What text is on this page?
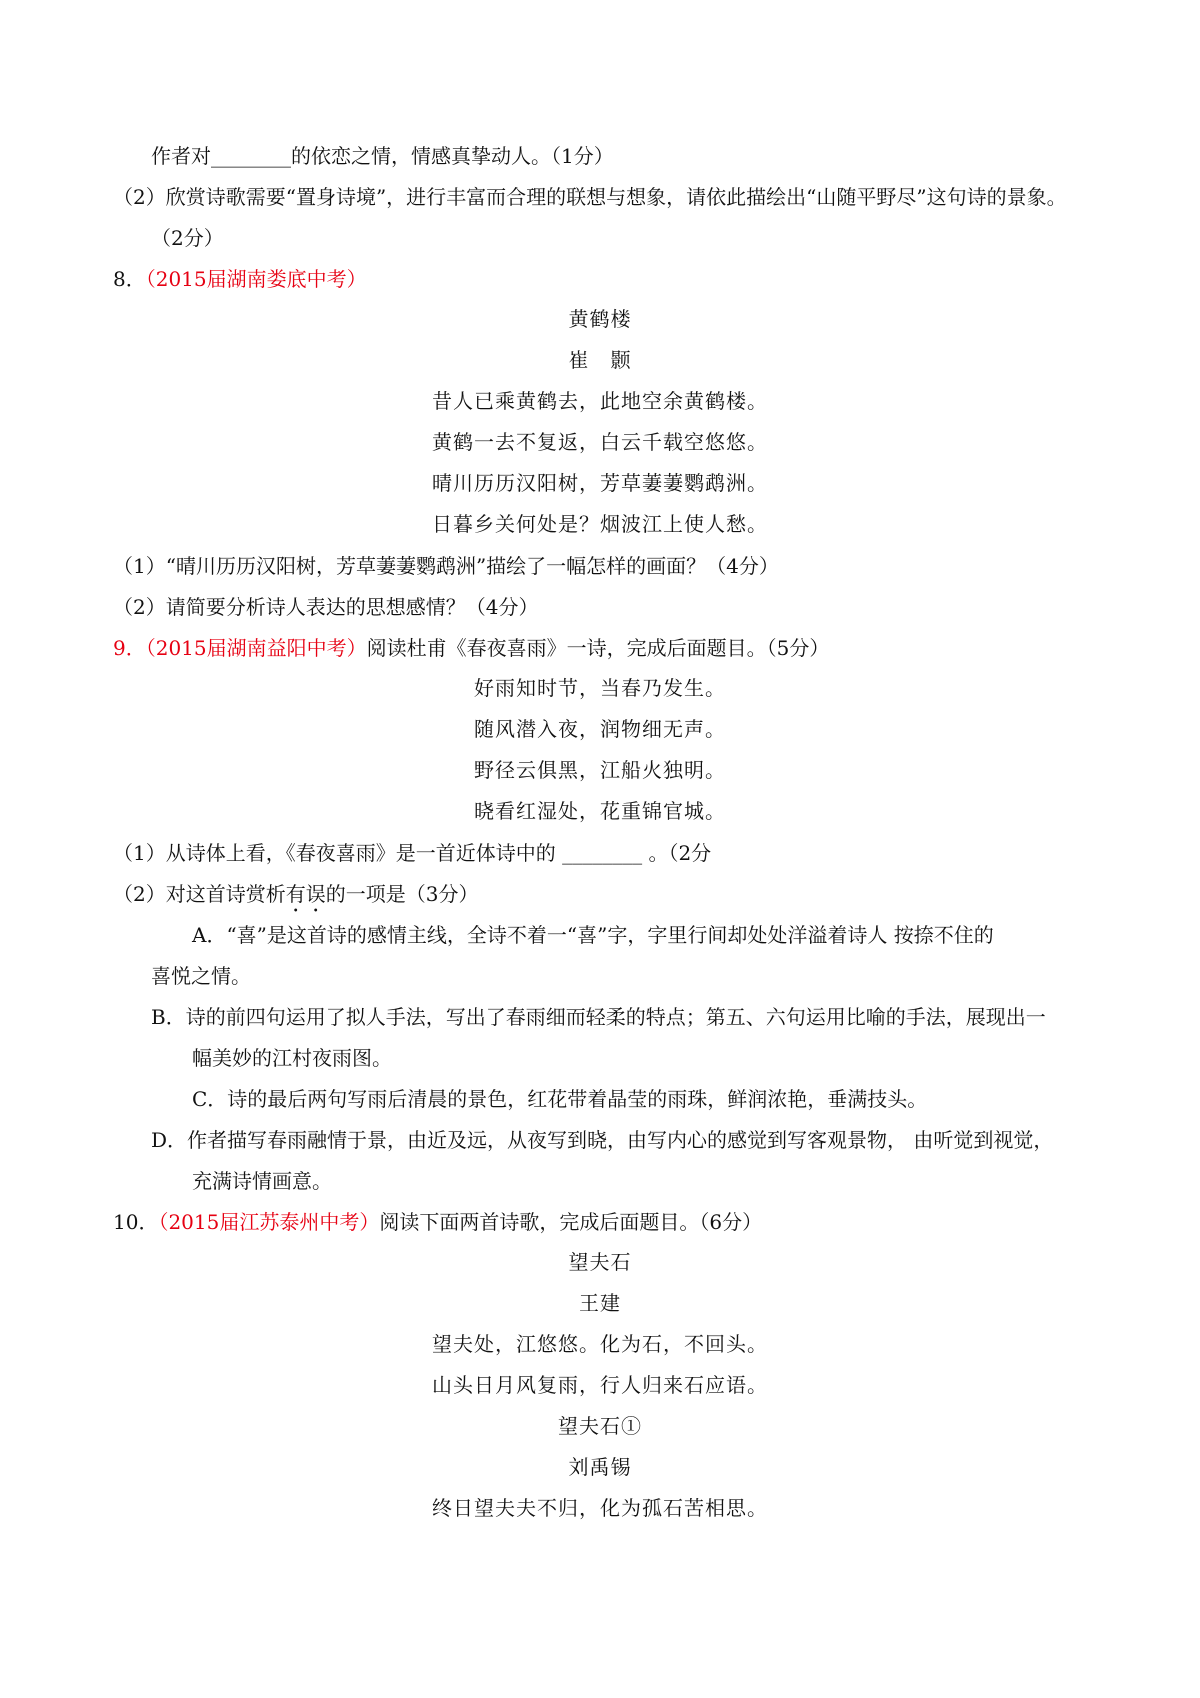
作者对________的依恋之情，情感真挚动人。（1分）
（2）欣赏诗歌需要“置身诗境”，进行丰富而合理的联想与想象，请依此描绘出“山随平野尽”这句诗的景象。
（2分）
8．（2015届湖南娄底中考）
黄鹤楼
崔　颢
昔人已乘黄鹤去，此地空余黄鹤楼。
黄鹤一去不复返，白云千载空悠悠。
晴川历历汉阳树，芳草萋萋鹦鹉洲。
日暮乡关何处是？烟波江上使人愁。
（1）“晴川历历汉阳树，芳草萋萋鹦鹉洲”描绘了一幅怎样的画面？（4分）
（2）请简要分析诗人表达的思想感情？（4分）
9．（2015届湖南益阳中考）阅读杜甫《春夜喜雨》一诗，完成后面题目。（5分）
好雨知时节，当春乃发生。
随风潜入夜，润物细无声。
野径云俱黑，江船火独明。
晓看红湿处，花重锦官城。
（1）从诗体上看，《春夜喜雨》是一首近体诗中的 ________ 。（2分
（2）对这首诗赏析有误的一项是（3分）
A．“喜”是这首诗的感情主线，全诗不着一“喜”字，字里行间却处处洋溢着诗人 按捺不住的
喜悦之情。
B．诗的前四句运用了拟人手法，写出了春雨细而轻柔的特点；第五、六句运用比喻的手法，展现出一
幅美妙的江村夜雨图。
C．诗的最后两句写雨后清晨的景色，红花带着晶莹的雨珠，鲜润浓艳，垂满技头。
D．作者描写春雨融情于景，由近及远，从夜写到晓，由写内心的感觉到写客观景物， 由听觉到视觉，
充满诗情画意。
10．（2015届江苏泰州中考）阅读下面两首诗歌，完成后面题目。（6分）
望夫石
王建
望夫处，江悠悠。化为石，不回头。
山头日月风复雨，行人归来石应语。
望夫石①
刘禹锡
终日望夫夫不归，化为孤石苦相思。
